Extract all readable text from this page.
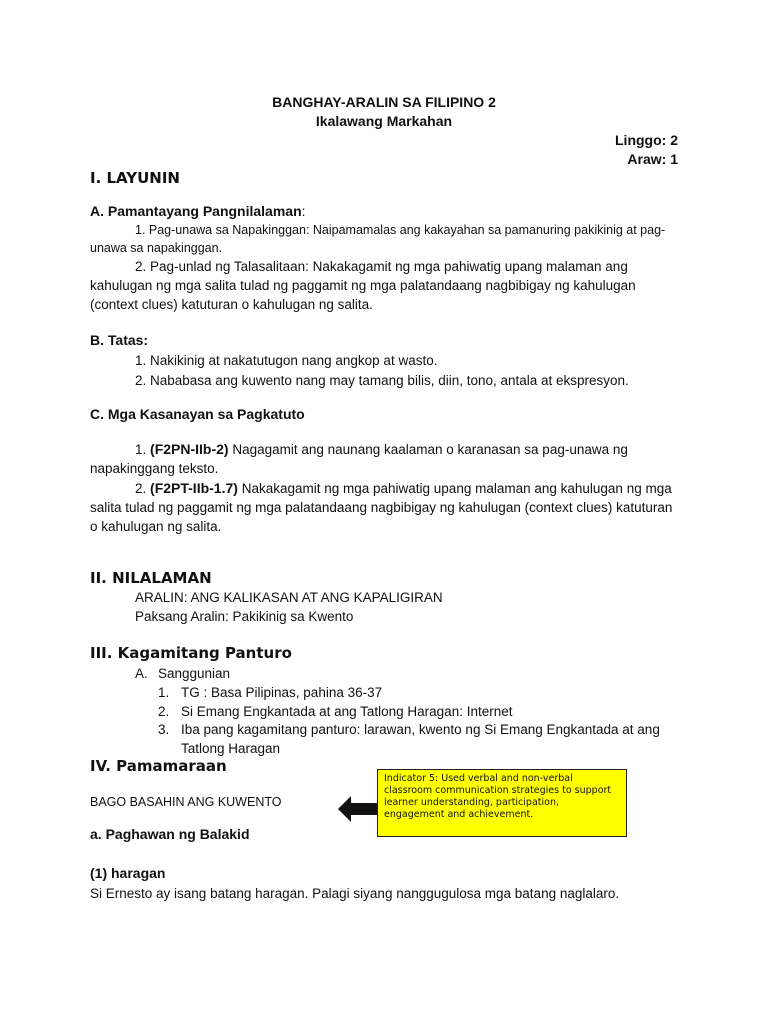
BANGHAY-ARALIN SA FILIPINO 2
Ikalawang Markahan
Linggo: 2
Araw: 1
I. LAYUNIN
A. Pamantayang Pangnilalaman:
1. Pag-unawa sa Napakinggan: Naipamamalas ang kakayahan sa pamanuring pakikinig at pag-unawa sa napakinggan.
2. Pag-unlad ng Talasalitaan: Nakakagamit ng mga pahiwatig upang malaman ang kahulugan ng mga salita tulad ng paggamit ng mga palatandaang nagbibigay ng kahulugan (context clues) katuturan o kahulugan ng salita.
B. Tatas:
1. Nakikinig at nakatutugon nang angkop at wasto.
2. Nababasa ang kuwento nang may tamang bilis, diin, tono, antala at ekspresyon.
C. Mga Kasanayan sa Pagkatuto
1. (F2PN-IIb-2) Nagagamit ang naunang kaalaman o karanasan sa pag-unawa ng napakinggang teksto.
2. (F2PT-IIb-1.7) Nakakagamit ng mga pahiwatig upang malaman ang kahulugan ng mga salita tulad ng paggamit ng mga palatandaang nagbibigay ng kahulugan (context clues) katuturan o kahulugan ng salita.
II. NILALAMAN
ARALIN: ANG KALIKASAN AT ANG KAPALIGIRAN
Paksang Aralin: Pakikinig sa Kwento
III. Kagamitang Panturo
A. Sanggunian
1. TG : Basa Pilipinas, pahina 36-37
2. Si Emang Engkantada at ang Tatlong Haragan: Internet
3. Iba pang kagamitang panturo: larawan, kwento ng Si Emang Engkantada at ang Tatlong Haragan
IV. Pamamaraan
BAGO BASAHIN ANG KUWENTO
Indicator 5: Used verbal and non-verbal classroom communication strategies to support learner understanding, participation, engagement and achievement.
a. Paghawan ng Balakid
(1) haragan
Si Ernesto ay isang batang haragan. Palagi siyang nanggugulosa mga batang naglalaro.
